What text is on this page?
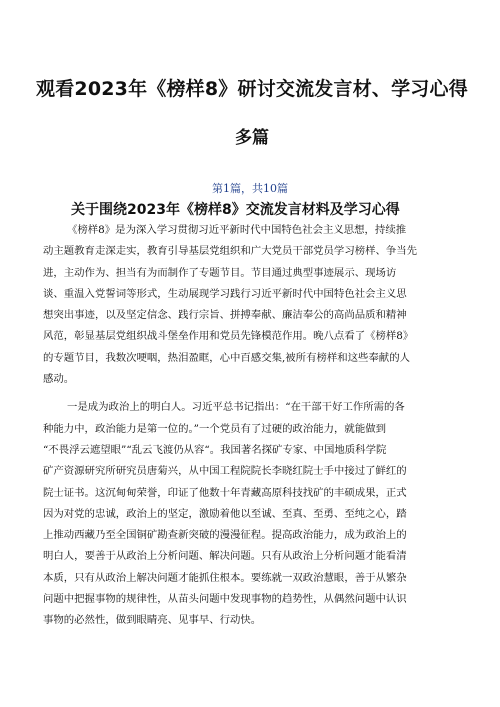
观看2023年《榜样8》研讨交流发言材、学习心得
多篇
第1篇，共10篇
关于围绕2023年《榜样8》交流发言材料及学习心得
《榜样8》是为深入学习贯彻习近平新时代中国特色社会主义思想，持续推
动主题教育走深走实，教育引导基层党组织和广大党员干部党员学习榜样、争当先
进，主动作为、担当有为而制作了专题节目。节目通过典型事迹展示、现场访
谈、重温入党誓词等形式，生动展现学习践行习近平新时代中国特色社会主义思
想突出事迹，以及坚定信念、践行宗旨、拼搏奉献、廉洁奉公的高尚品质和精神
风范，彰显基层党组织战斗堡垒作用和党员先锋模范作用。晚八点看了《榜样8》
的专题节目，我数次哽咽，热泪盈眶，心中百感交集,被所有榜样和这些奉献的人
感动。
一是成为政治上的明白人。习近平总书记指出：“在干部干好工作所需的各
种能力中，政治能力是第一位的。”一个党员有了过硬的政治能力，就能做到
“不畏浮云遮望眼”“乱云飞渡仍从容“。我国著名探矿专家、中国地质科学院
矿产资源研究所研究员唐菊兴，从中国工程院院长李晓红院士手中接过了鲜红的
院士证书。这沉甸甸荣誉，印证了他数十年青藏高原科技找矿的丰硕成果，正式
因为对党的忠诚，政治上的坚定，激励着他以至诚、至真、至勇、至纯之心，踏
上推动西藏乃至全国铜矿勘查新突破的漫漫征程。提高政治能力，成为政治上的
明白人，要善于从政治上分析问题、解决问题。只有从政治上分析问题才能看清
本质，只有从政治上解决问题才能抓住根本。要练就一双政治慧眼，善于从繁杂
问题中把握事物的规律性，从苗头问题中发现事物的趋势性，从偶然问题中认识
事物的必然性，做到眼睛亮、见事早、行动快。
